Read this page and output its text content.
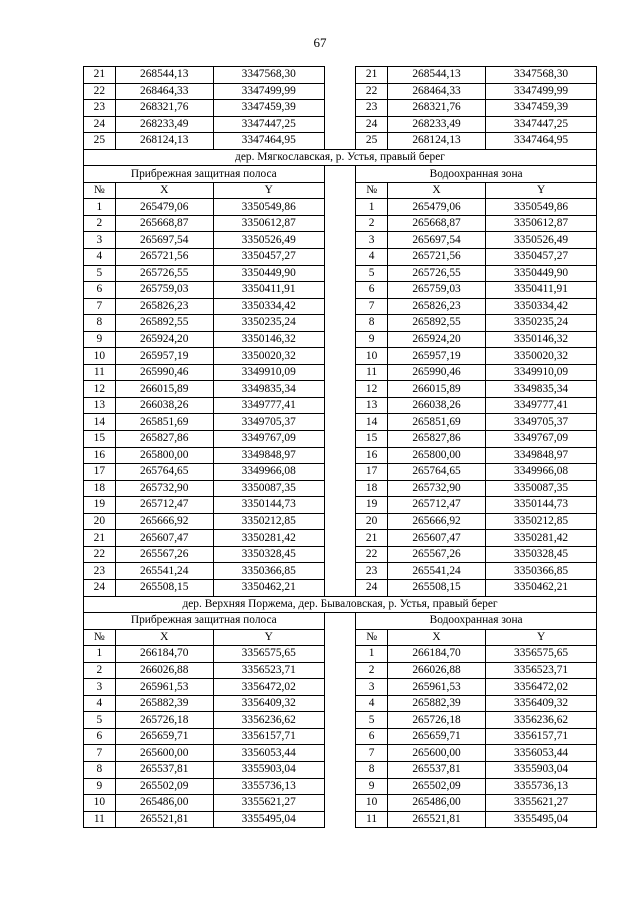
67
21	268544,13	3347568,30		21	268544,13	3347568,30
22	268464,33	3347499,99		22	268464,33	3347499,99
23	268321,76	3347459,39		23	268321,76	3347459,39
24	268233,49	3347447,25		24	268233,49	3347447,25
25	268124,13	3347464,95		25	268124,13	3347464,95
дер. Мягкославская, р. Устья, правый берег						
Прибрежная защитная полоса				Водоохранная зона		
№	X	Y		№	X	Y
1	265479,06	3350549,86		1	265479,06	3350549,86
2	265668,87	3350612,87		2	265668,87	3350612,87
3	265697,54	3350526,49		3	265697,54	3350526,49
4	265721,56	3350457,27		4	265721,56	3350457,27
5	265726,55	3350449,90		5	265726,55	3350449,90
6	265759,03	3350411,91		6	265759,03	3350411,91
7	265826,23	3350334,42		7	265826,23	3350334,42
8	265892,55	3350235,24		8	265892,55	3350235,24
9	265924,20	3350146,32		9	265924,20	3350146,32
10	265957,19	3350020,32		10	265957,19	3350020,32
11	265990,46	3349910,09		11	265990,46	3349910,09
12	266015,89	3349835,34		12	266015,89	3349835,34
13	266038,26	3349777,41		13	266038,26	3349777,41
14	265851,69	3349705,37		14	265851,69	3349705,37
15	265827,86	3349767,09		15	265827,86	3349767,09
16	265800,00	3349848,97		16	265800,00	3349848,97
17	265764,65	3349966,08		17	265764,65	3349966,08
18	265732,90	3350087,35		18	265732,90	3350087,35
19	265712,47	3350144,73		19	265712,47	3350144,73
20	265666,92	3350212,85		20	265666,92	3350212,85
21	265607,47	3350281,42		21	265607,47	3350281,42
22	265567,26	3350328,45		22	265567,26	3350328,45
23	265541,24	3350366,85		23	265541,24	3350366,85
24	265508,15	3350462,21		24	265508,15	3350462,21
дер. Верхняя Поржема, дер. Бываловская, р. Устья, правый берег						
Прибрежная защитная полоса				Водоохранная зона		
№	X	Y		№	X	Y
1	266184,70	3356575,65		1	266184,70	3356575,65
2	266026,88	3356523,71		2	266026,88	3356523,71
3	265961,53	3356472,02		3	265961,53	3356472,02
4	265882,39	3356409,32		4	265882,39	3356409,32
5	265726,18	3356236,62		5	265726,18	3356236,62
6	265659,71	3356157,71		6	265659,71	3356157,71
7	265600,00	3356053,44		7	265600,00	3356053,44
8	265537,81	3355903,04		8	265537,81	3355903,04
9	265502,09	3355736,13		9	265502,09	3355736,13
10	265486,00	3355621,27		10	265486,00	3355621,27
11	265521,81	3355495,04		11	265521,81	3355495,04
